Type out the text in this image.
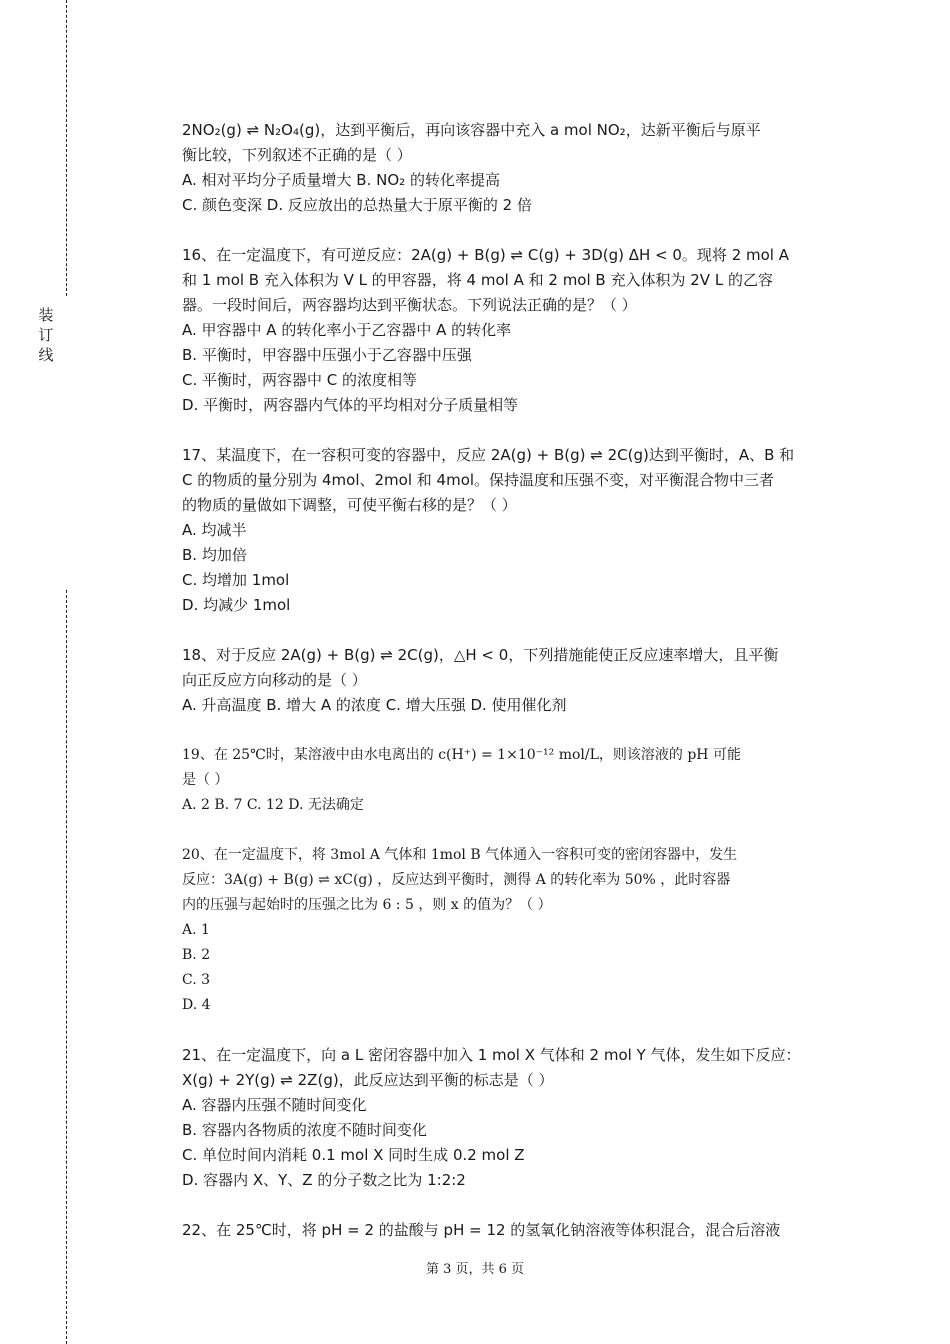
装
订
线

2NO₂(g) ⇌ N₂O₄(g)，达到平衡后，再向该容器中充入 a mol NO₂，达新平衡后与原平

衡比较，下列叙述不正确的是（ ）

A. 相对平均分子质量增大 B. NO₂ 的转化率提高

C. 颜色变深 D. 反应放出的总热量大于原平衡的 2 倍

16、在一定温度下，有可逆反应：2A(g) + B(g) ⇌ C(g) + 3D(g) ΔH < 0。现将 2 mol A

和 1 mol B 充入体积为 V L 的甲容器，将 4 mol A 和 2 mol B 充入体积为 2V L 的乙容

器。一段时间后，两容器均达到平衡状态。下列说法正确的是？（ ）

A. 甲容器中 A 的转化率小于乙容器中 A 的转化率

B. 平衡时，甲容器中压强小于乙容器中压强

C. 平衡时，两容器中 C 的浓度相等

D. 平衡时，两容器内气体的平均相对分子质量相等

17、某温度下，在一容积可变的容器中，反应 2A(g) + B(g) ⇌ 2C(g)达到平衡时，A、B 和

C 的物质的量分别为 4mol、2mol 和 4mol。保持温度和压强不变，对平衡混合物中三者

的物质的量做如下调整，可使平衡右移的是？（ ）

A. 均减半

B. 均加倍

C. 均增加 1mol

D. 均减少 1mol

18、对于反应 2A(g) + B(g) ⇌ 2C(g)，△H < 0，下列措施能使正反应速率增大，且平衡

向正反应方向移动的是（ ）

A. 升高温度 B. 增大 A 的浓度 C. 增大压强 D. 使用催化剂

19、在 25℃时，某溶液中由水电离出的 c(H⁺) = 1×10⁻¹² mol/L，则该溶液的 pH 可能

是（ ）

A. 2 B. 7 C. 12 D. 无法确定

20、在一定温度下，将 3mol A 气体和 1mol B 气体通入一容积可变的密闭容器中，发生

反应：3A(g) + B(g) ⇌ xC(g) ，反应达到平衡时，测得 A 的转化率为 50% ，此时容器

内的压强与起始时的压强之比为 6 : 5 ，则 x 的值为？（ ）

A. 1

B. 2

C. 3

D. 4

21、在一定温度下，向 a L 密闭容器中加入 1 mol X 气体和 2 mol Y 气体，发生如下反应：

X(g) + 2Y(g) ⇌ 2Z(g)，此反应达到平衡的标志是（ ）

A. 容器内压强不随时间变化

B. 容器内各物质的浓度不随时间变化

C. 单位时间内消耗 0.1 mol X 同时生成 0.2 mol Z

D. 容器内 X、Y、Z 的分子数之比为 1:2:2

22、在 25℃时，将 pH = 2 的盐酸与 pH = 12 的氢氧化钠溶液等体积混合，混合后溶液

第 3 页，共 6 页
